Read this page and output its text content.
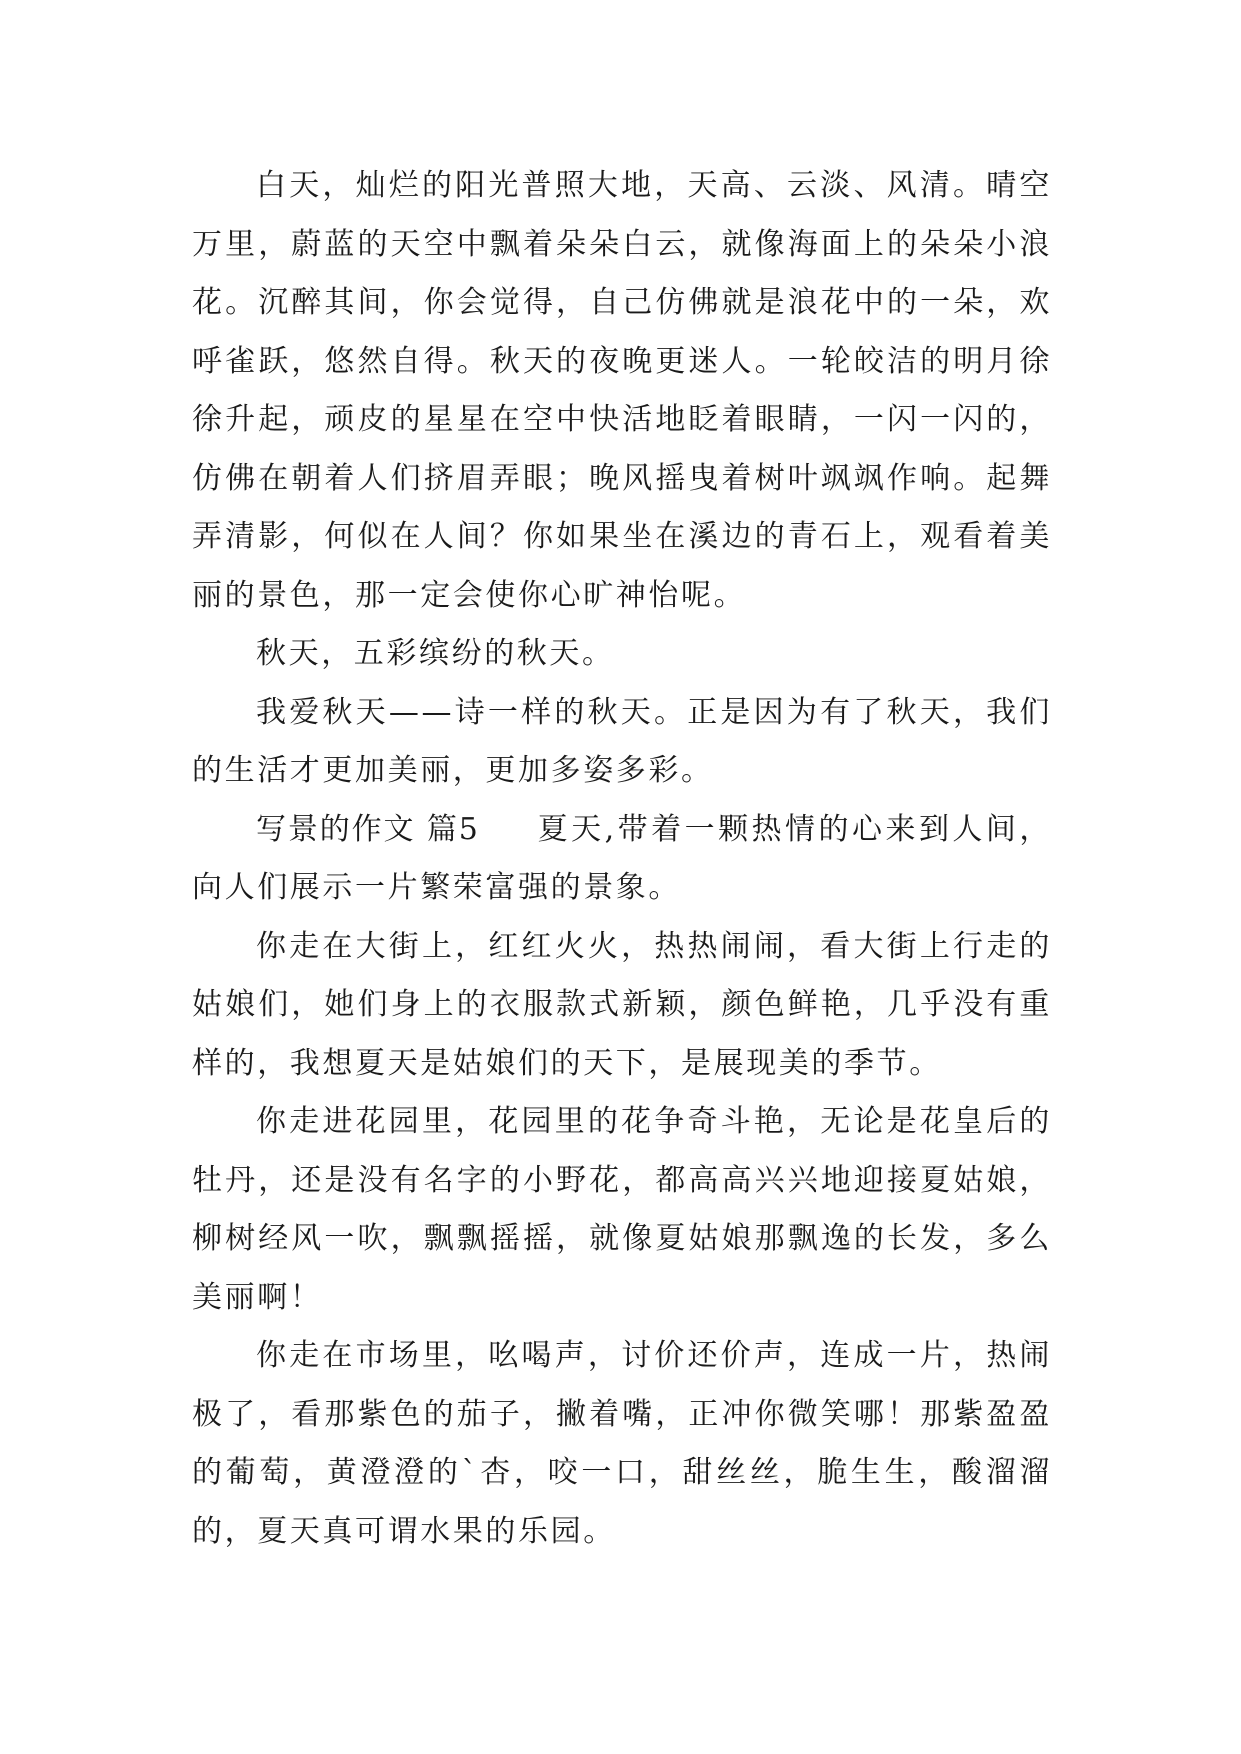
白天，灿烂的阳光普照大地，天高、云淡、风清。晴空万里，蔚蓝的天空中飘着朵朵白云，就像海面上的朵朵小浪花。沉醉其间，你会觉得，自己仿佛就是浪花中的一朵，欢呼雀跃，悠然自得。秋天的夜晚更迷人。一轮皎洁的明月徐徐升起，顽皮的星星在空中快活地眨着眼睛，一闪一闪的，仿佛在朝着人们挤眉弄眼；晚风摇曳着树叶飒飒作响。起舞弄清影，何似在人间？你如果坐在溪边的青石上，观看着美丽的景色，那一定会使你心旷神怡呢。

秋天，五彩缤纷的秋天。

我爱秋天——诗一样的秋天。正是因为有了秋天，我们的生活才更加美丽，更加多姿多彩。

写景的作文 篇5 夏天,带着一颗热情的心来到人间，向人们展示一片繁荣富强的景象。

你走在大街上，红红火火，热热闹闹，看大街上行走的姑娘们，她们身上的衣服款式新颖，颜色鲜艳，几乎没有重样的，我想夏天是姑娘们的天下，是展现美的季节。

你走进花园里，花园里的花争奇斗艳，无论是花皇后的牡丹，还是没有名字的小野花，都高高兴兴地迎接夏姑娘，柳树经风一吹，飘飘摇摇，就像夏姑娘那飘逸的长发，多么美丽啊！

你走在市场里，吆喝声，讨价还价声，连成一片，热闹极了，看那紫色的茄子，撇着嘴，正冲你微笑哪！那紫盈盈的葡萄，黄澄澄的`杏，咬一口，甜丝丝，脆生生，酸溜溜的，夏天真可谓水果的乐园。
